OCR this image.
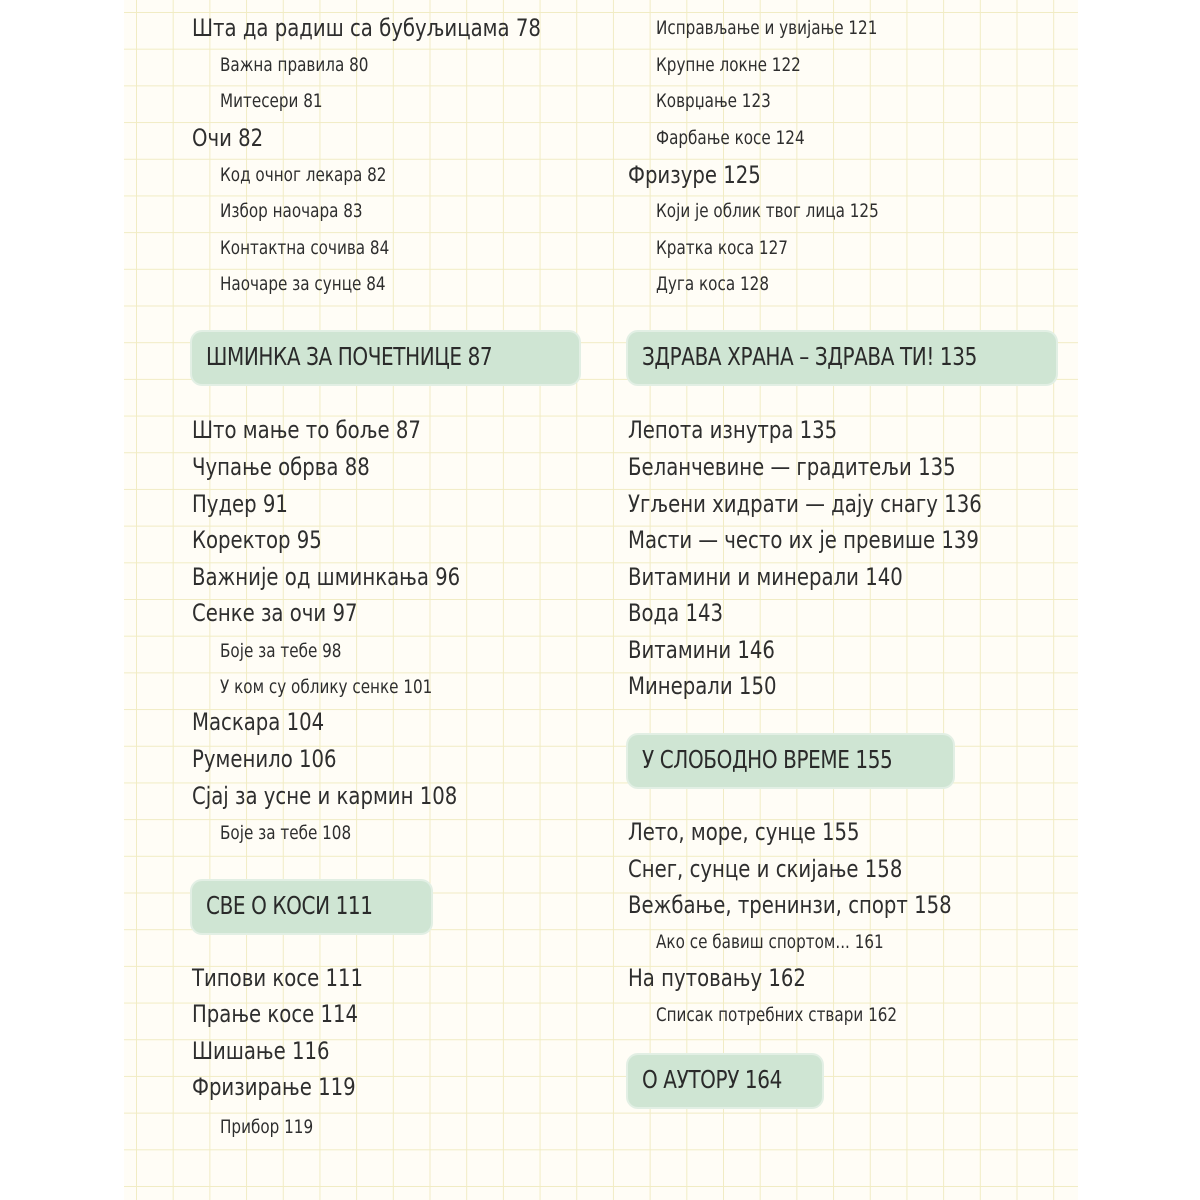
Шта да радиш са бубуљицама 78
Важна правила 80
Митесери 81
Очи 82
Код очног лекара 82
Избор наочара 83
Контактна сочива 84
Наочаре за сунце 84
ШМИНКА ЗА ПОЧЕТНИЦЕ 87
Што мање то боље 87
Чупање обрва 88
Пудер 91
Коректор 95
Важније од шминкања 96
Сенке за очи 97
Боје за тебе 98
У ком су облику сенке 101
Маскара 104
Руменило 106
Сјај за усне и кармин 108
Боје за тебе 108
СВЕ О КОСИ 111
Типови косе 111
Прање косе 114
Шишање 116
Фризирање 119
Прибор 119
Исправљање и увијање 121
Крупне локне 122
Коврџање 123
Фарбање косе 124
Фризуре 125
Који је облик твог лица 125
Кратка коса 127
Дуга коса 128
ЗДРАВА ХРАНА – ЗДРАВА ТИ! 135
Лепота изнутра 135
Беланчевине — градитељи 135
Угљени хидрати — дају снагу 136
Масти — често их је превише 139
Витамини и минерали 140
Вода 143
Витамини 146
Минерали 150
У СЛОБОДНО ВРЕМЕ 155
Лето, море, сунце 155
Снег, сунце и скијање 158
Вежбање, тренинзи, спорт 158
Ако се бавиш спортом... 161
На путовању 162
Списак потребних ствари 162
О АУТОРУ 164
